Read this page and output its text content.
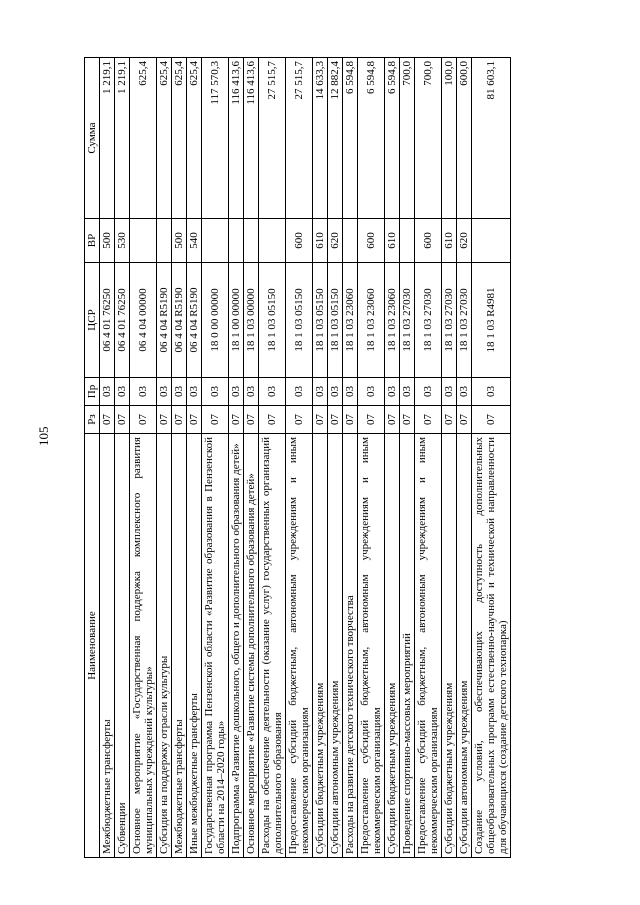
105
Наименование	Рз	Пр	ЦСР	ВР	Сумма
Межбюджетные трансферты	07	03	06 4 01 76250	500	1 219,1
Субвенции	07	03	06 4 01 76250	530	1 219,1
Основное мероприятие «Государственная поддержка комплексного развития муниципальных учреждений культуры»	07	03	06 4 04 00000		625,4
Субсидия на поддержку отрасли культуры	07	03	06 4 04 R5190		625,4
Межбюджетные трансферты	07	03	06 4 04 R5190	500	625,4
Иные межбюджетные трансферты	07	03	06 4 04 R5190	540	625,4
Государственная программа Пензенской области «Развитие образования в Пензенской области на 2014–2020 годы»	07	03	18 0 00 00000		117 570,3
Подпрограмма «Развитие дошкольного, общего и дополнительного образования детей»	07	03	18 1 00 00000		116 413,6
Основное мероприятие «Развитие системы дополнительного образования детей»	07	03	18 1 03 00000		116 413,6
Расходы на обеспечение деятельности (оказание услуг) государственных организаций дополнительного образования	07	03	18 1 03 05150		27 515,7
Предоставление субсидий бюджетным, автономным учреждениям и иным некоммерческим организациям	07	03	18 1 03 05150	600	27 515,7
Субсидии бюджетным учреждениям	07	03	18 1 03 05150	610	14 633,3
Субсидии автономным учреждениям	07	03	18 1 03 05150	620	12 882,4
Расходы на развитие детского технического творчества	07	03	18 1 03 23060		6 594,8
Предоставление субсидий бюджетным, автономным учреждениям и иным некоммерческим организациям	07	03	18 1 03 23060	600	6 594,8
Субсидии бюджетным учреждениям	07	03	18 1 03 23060	610	6 594,8
Проведение спортивно-массовых мероприятий	07	03	18 1 03 27030		700,0
Предоставление субсидий бюджетным, автономным учреждениям и иным некоммерческим организациям	07	03	18 1 03 27030	600	700,0
Субсидии бюджетным учреждениям	07	03	18 1 03 27030	610	100,0
Субсидии автономным учреждениям	07	03	18 1 03 27030	620	600,0
Создание условий, обеспечивающих доступность дополнительных общеобразовательных программ естественно-научной и технической направленности для обучающихся (создание детского технопарка)	07	03	18 1 03 R4981		81 603,1
